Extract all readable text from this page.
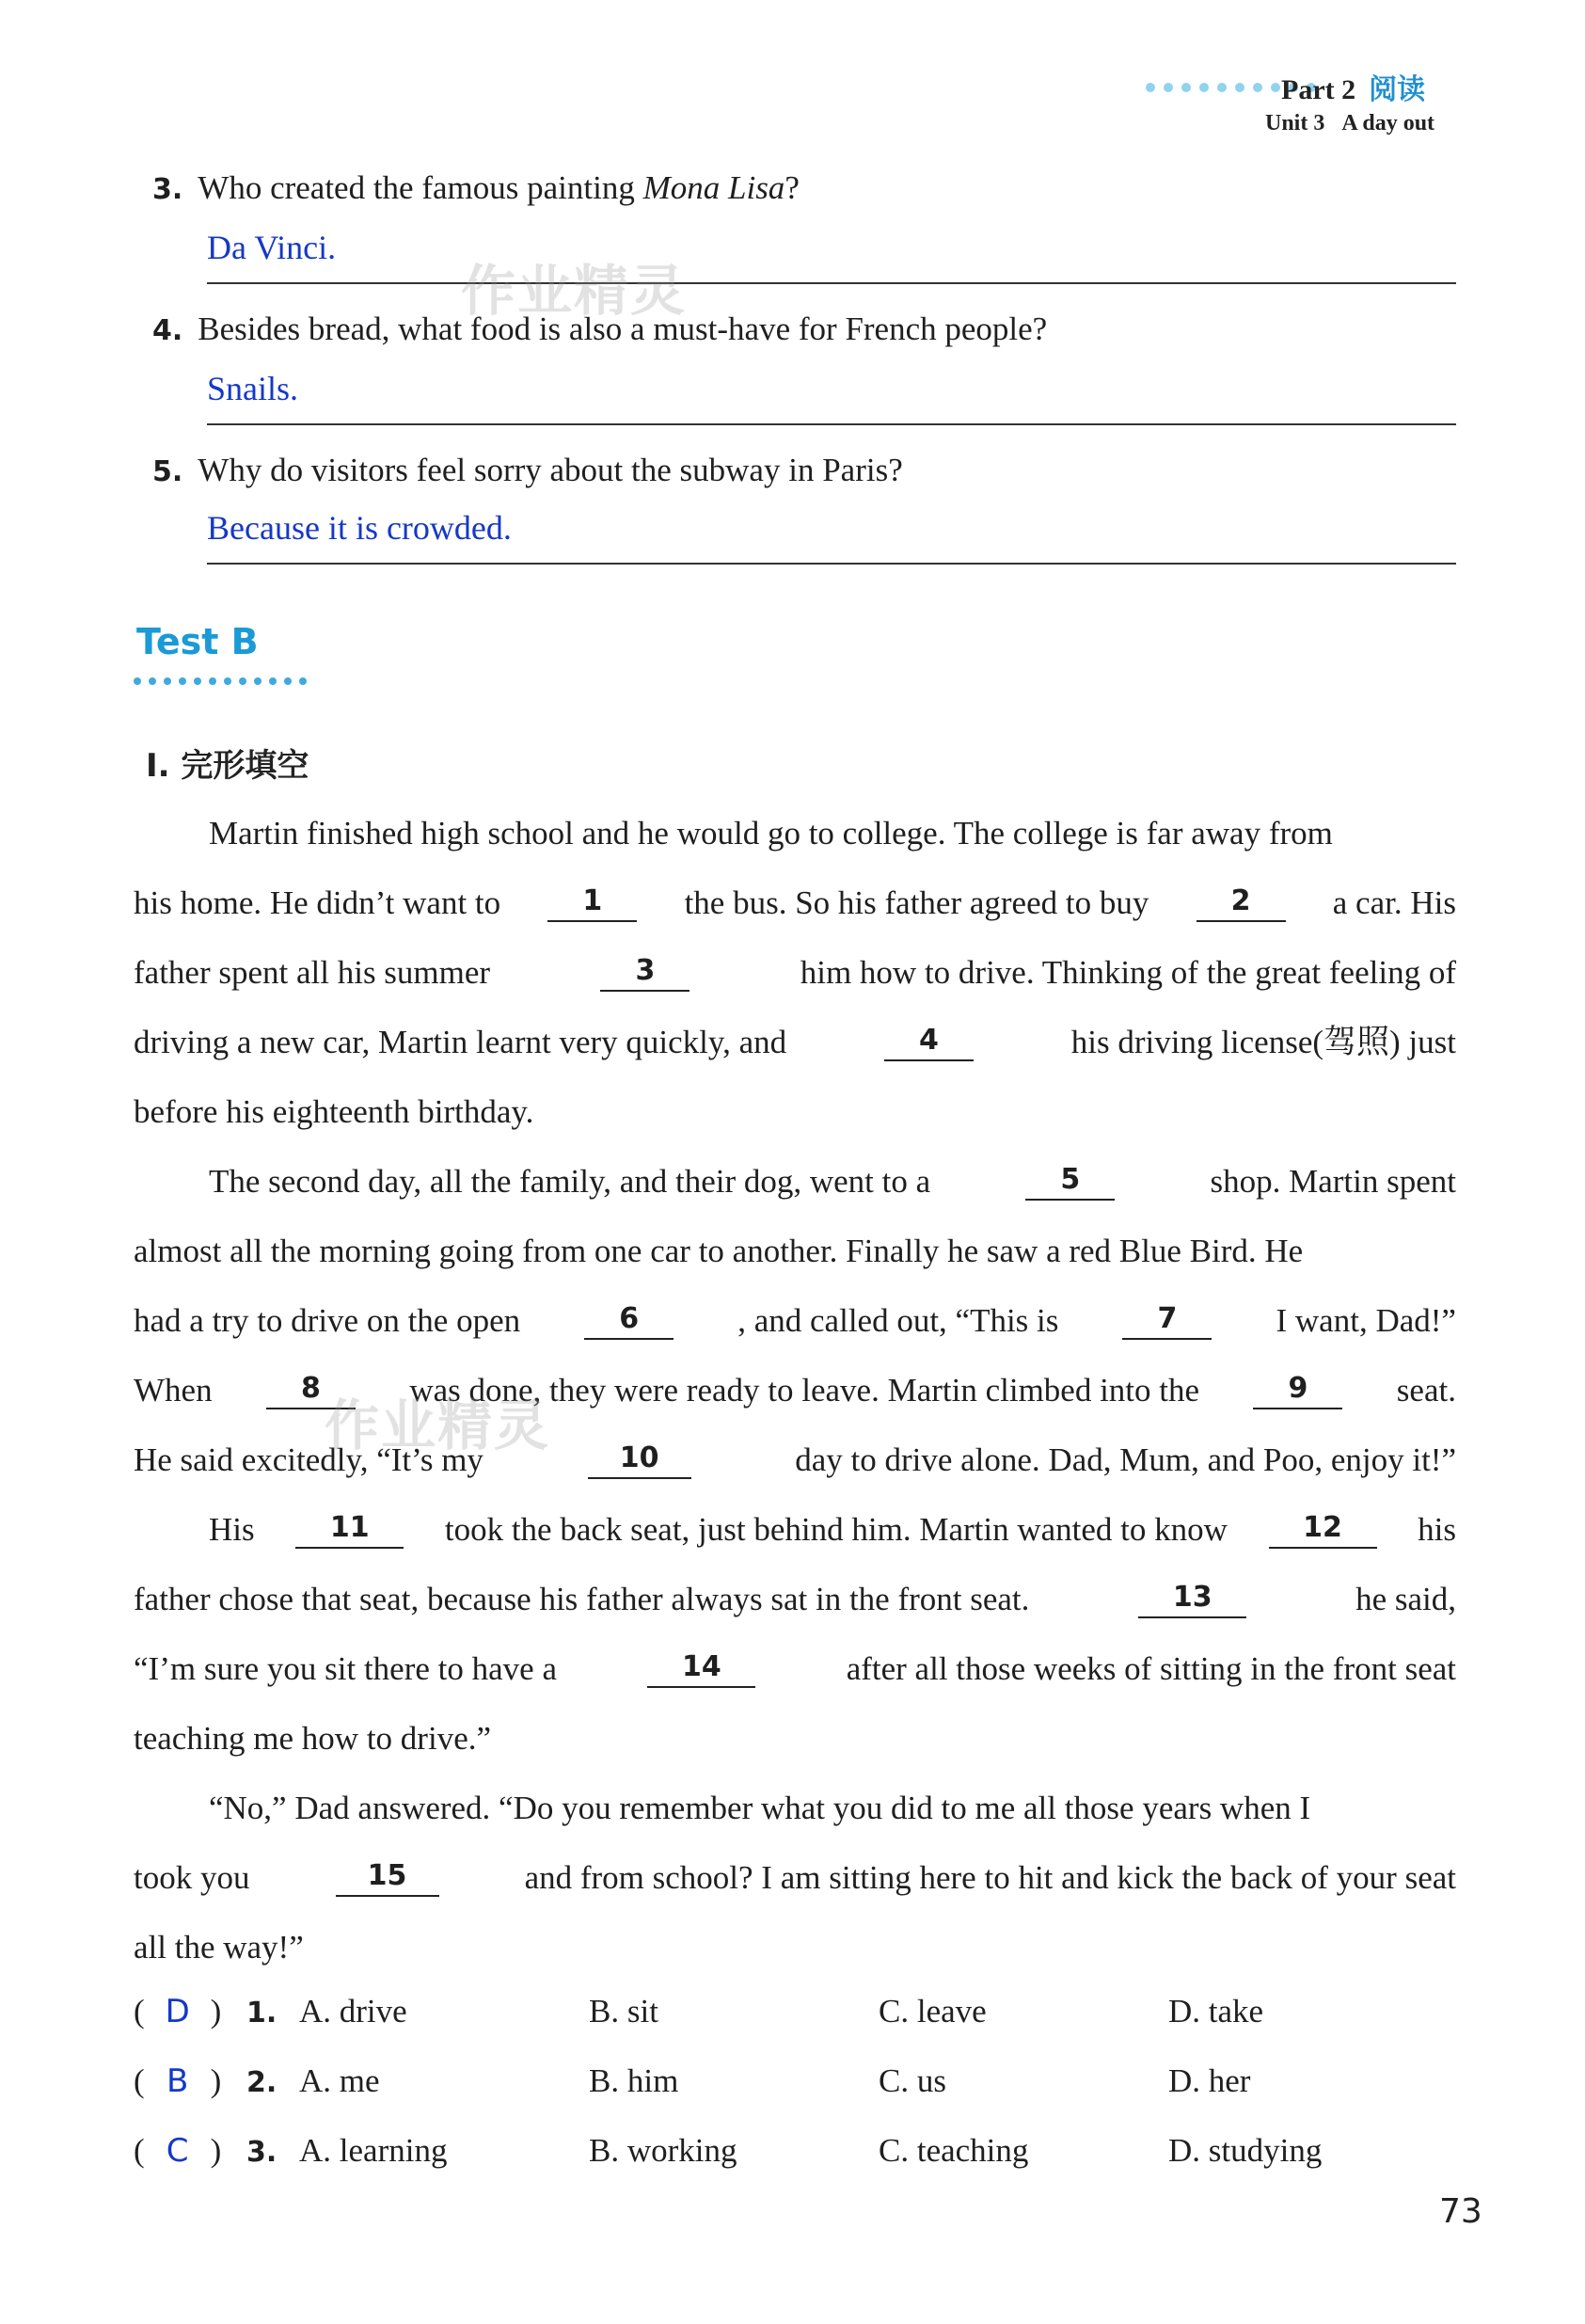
Part 2 阅读
Unit 3 A day out
3. Who created the famous painting Mona Lisa?
Da Vinci.
4. Besides bread, what food is also a must-have for French people?
Snails.
5. Why do visitors feel sorry about the subway in Paris?
Because it is crowded.
Test B
Ⅰ. 完形填空
Martin finished high school and he would go to college. The college is far away from
his home. He didn’t want to	1	the bus. So his father agreed to buy	2	a car. His
father spent all his summer	3	him how to drive. Thinking of the great feeling of
driving a new car, Martin learnt very quickly, and	4	his driving license(驾照) just
before his eighteenth birthday.
The second day, all the family, and their dog, went to a	5	shop. Martin spent
almost all the morning going from one car to another. Finally he saw a red Blue Bird. He
had a try to drive on the open	6	, and called out, “This is	7	I want, Dad!”
When	8	was done, they were ready to leave. Martin climbed into the	9	seat.
He said excitedly, “It’s my	10	day to drive alone. Dad, Mum, and Poo, enjoy it!”
His	11	took the back seat, just behind him. Martin wanted to know	12	his
father chose that seat, because his father always sat in the front seat.	13	he said,
“I’m sure you sit there to have a	14	after all those weeks of sitting in the front seat
teaching me how to drive.”
“No,” Dad answered. “Do you remember what you did to me all those years when I
took you	15	and from school? I am sitting here to hit and kick the back of your seat
all the way!”
( D ) 1. A. drive	B. sit	C. leave	D. take
( B ) 2. A. me	B. him	C. us	D. her
( C ) 3. A. learning	B. working	C. teaching	D. studying
73
作业精灵
作业精灵
